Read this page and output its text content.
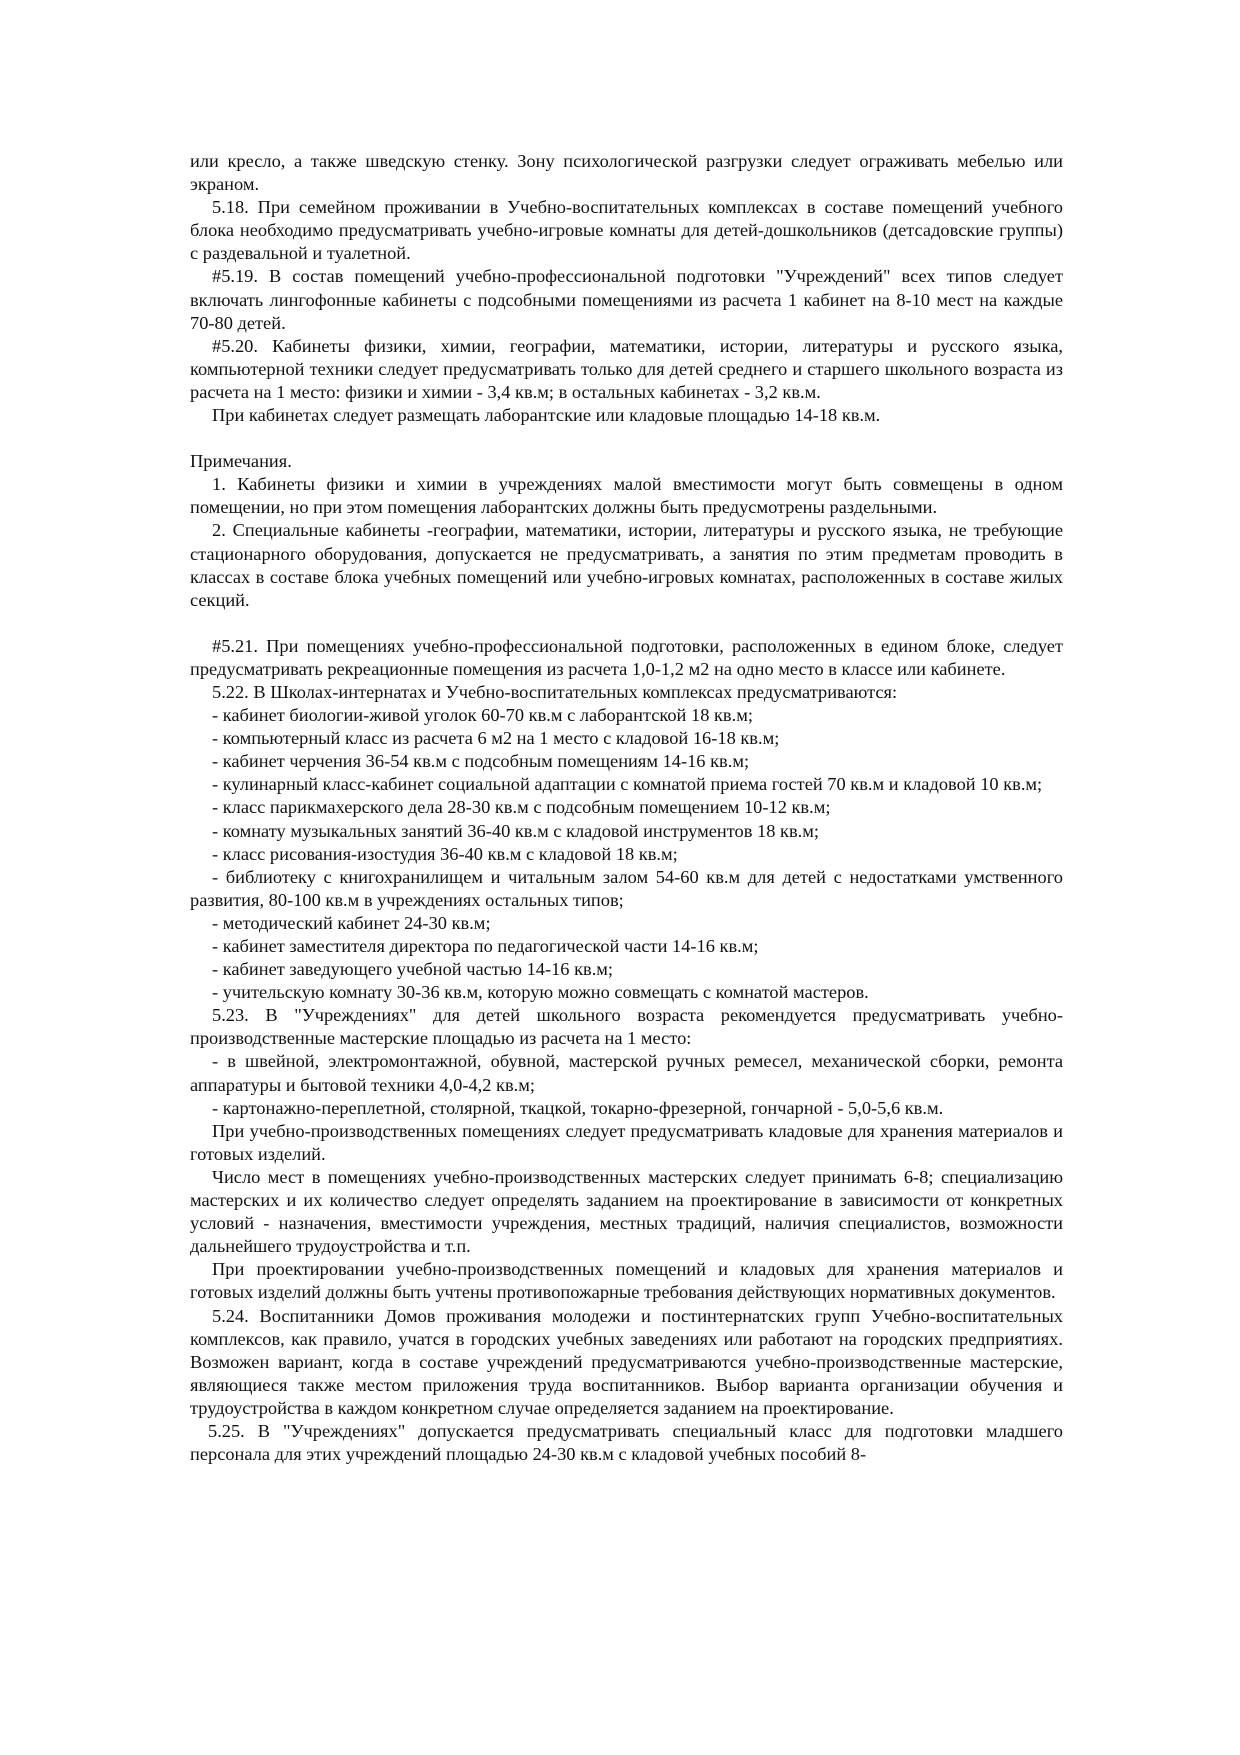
или кресло, а также шведскую стенку. Зону психологической разгрузки следует ограживать мебелью или экраном.

5.18. При семейном проживании в Учебно-воспитательных комплексах в составе помещений учебного блока необходимо предусматривать учебно-игровые комнаты для детей-дошкольников (детсадовские группы) с раздевальной и туалетной.

#5.19. В состав помещений учебно-профессиональной подготовки "Учреждений" всех типов следует включать лингофонные кабинеты с подсобными помещениями из расчета 1 кабинет на 8-10 мест на каждые 70-80 детей.

#5.20. Кабинеты физики, химии, географии, математики, истории, литературы и русского языка, компьютерной техники следует предусматривать только для детей среднего и старшего школьного возраста из расчета на 1 место: физики и химии - 3,4 кв.м; в остальных кабинетах - 3,2 кв.м.

При кабинетах следует размещать лаборантские или кладовые площадью 14-18 кв.м.

Примечания.

1. Кабинеты физики и химии в учреждениях малой вместимости могут быть совмещены в одном помещении, но при этом помещения лаборантских должны быть предусмотрены раздельными.

2. Специальные кабинеты -географии, математики, истории, литературы и русского языка, не требующие стационарного оборудования, допускается не предусматривать, а занятия по этим предметам проводить в классах в составе блока учебных помещений или учебно-игровых комнатах, расположенных в составе жилых секций.

#5.21. При помещениях учебно-профессиональной подготовки, расположенных в едином блоке, следует предусматривать рекреационные помещения из расчета 1,0-1,2 м2 на одно место в классе или кабинете.

5.22. В Школах-интернатах и Учебно-воспитательных комплексах предусматриваются:

- кабинет биологии-живой уголок 60-70 кв.м с лаборантской 18 кв.м;

- компьютерный класс из расчета 6 м2 на 1 место с кладовой 16-18 кв.м;

- кабинет черчения 36-54 кв.м с подсобным помещениям 14-16 кв.м;

- кулинарный класс-кабинет социальной адаптации с комнатой приема гостей 70 кв.м и кладовой 10 кв.м;

- класс парикмахерского дела 28-30 кв.м с подсобным помещением 10-12 кв.м;

- комнату музыкальных занятий 36-40 кв.м с кладовой инструментов 18 кв.м;

- класс рисования-изостудия 36-40 кв.м с кладовой 18 кв.м;

- библиотеку с книгохранилищем и читальным залом 54-60 кв.м для детей с недостатками умственного развития, 80-100 кв.м в учреждениях остальных типов;

- методический кабинет 24-30 кв.м;

- кабинет заместителя директора по педагогической части 14-16 кв.м;

- кабинет заведующего учебной частью 14-16 кв.м;

- учительскую комнату 30-36 кв.м, которую можно совмещать с комнатой мастеров.

5.23. В "Учреждениях" для детей школьного возраста рекомендуется предусматривать учебно-производственные мастерские площадью из расчета на 1 место:

- в швейной, электромонтажной, обувной, мастерской ручных ремесел, механической сборки, ремонта аппаратуры и бытовой техники 4,0-4,2 кв.м;

- картонажно-переплетной, столярной, ткацкой, токарно-фрезерной, гончарной - 5,0-5,6 кв.м.

При учебно-производственных помещениях следует предусматривать кладовые для хранения материалов и готовых изделий.

Число мест в помещениях учебно-производственных мастерских следует принимать 6-8; специализацию мастерских и их количество следует определять заданием на проектирование в зависимости от конкретных условий - назначения, вместимости учреждения, местных традиций, наличия специалистов, возможности дальнейшего трудоустройства и т.п.

При проектировании учебно-производственных помещений и кладовых для хранения материалов и готовых изделий должны быть учтены противопожарные требования действующих нормативных документов.

5.24. Воспитанники Домов проживания молодежи и постинтернатских групп Учебно-воспитательных комплексов, как правило, учатся в городских учебных заведениях или работают на городских предприятиях. Возможен вариант, когда в составе учреждений предусматриваются учебно-производственные мастерские, являющиеся также местом приложения труда воспитанников. Выбор варианта организации обучения и трудоустройства в каждом конкретном случае определяется заданием на проектирование.

5.25. В "Учреждениях" допускается предусматривать специальный класс для подготовки младшего персонала для этих учреждений площадью 24-30 кв.м с кладовой учебных пособий 8-
